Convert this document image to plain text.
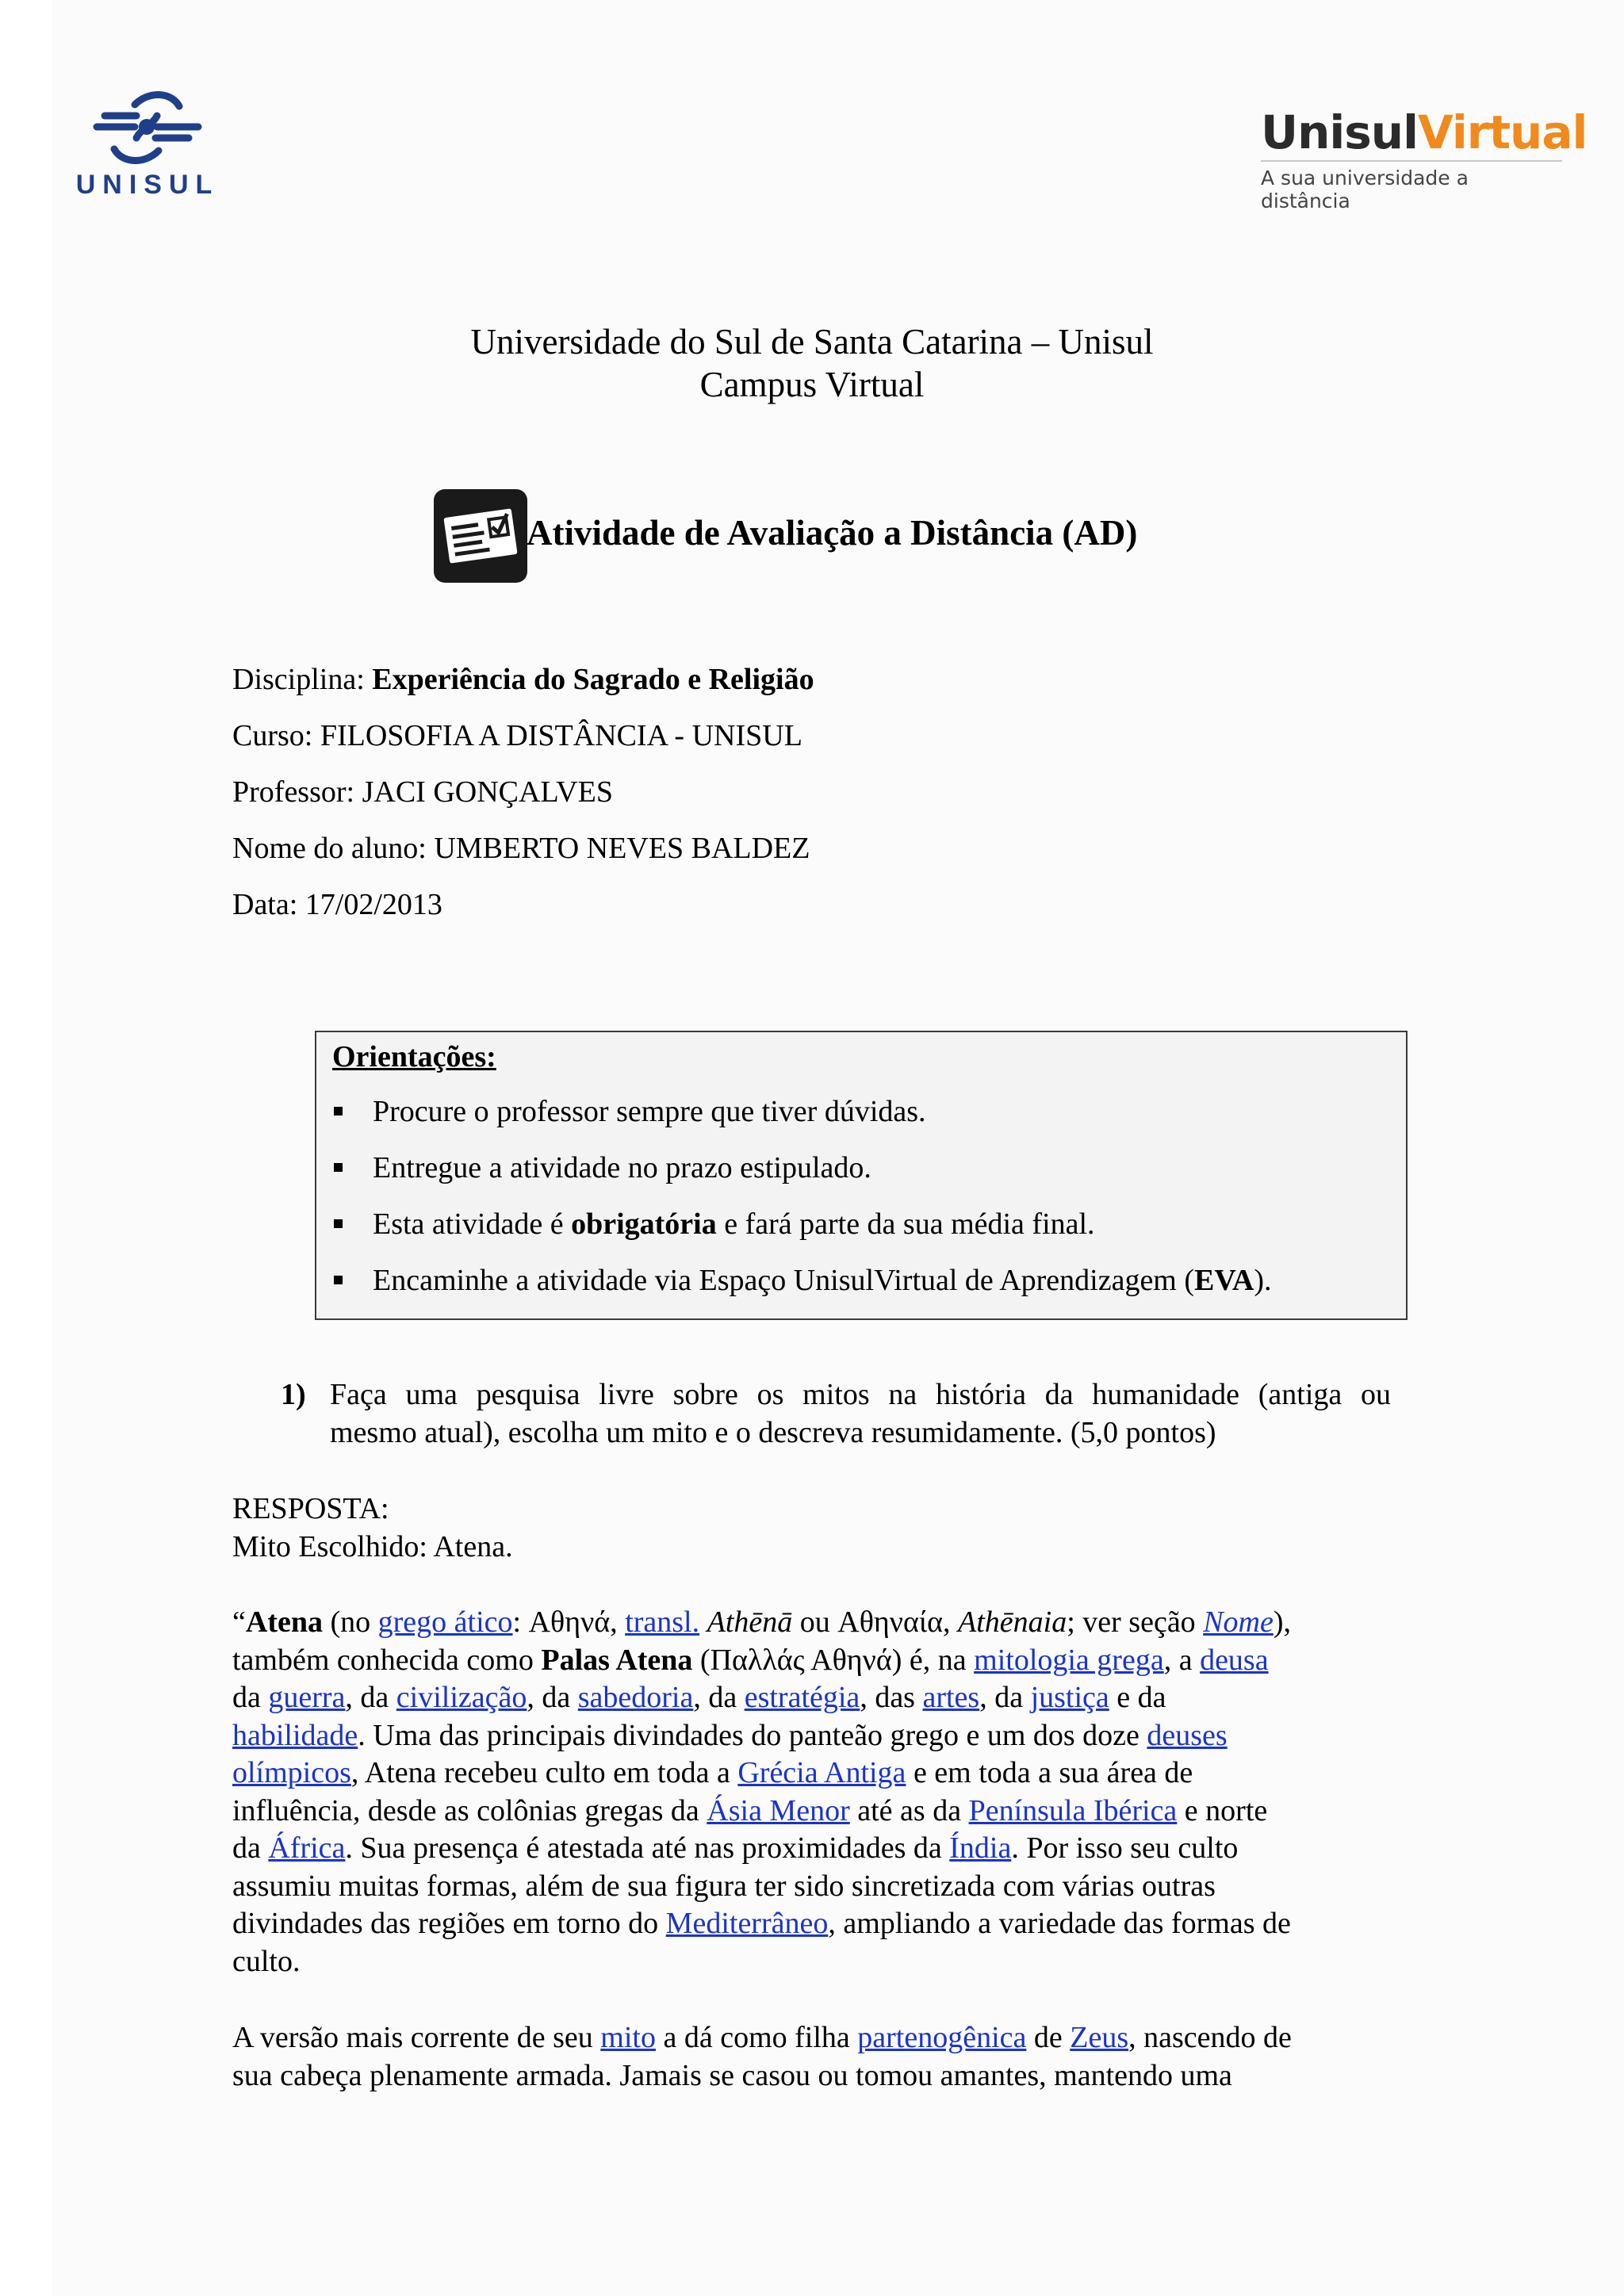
UNISUL
UnisulVirtual
A sua universidade a distância
Universidade do Sul de Santa Catarina – Unisul
Campus Virtual
Atividade de Avaliação a Distância (AD)
Disciplina: Experiência do Sagrado e Religião
Curso: FILOSOFIA A DISTÂNCIA - UNISUL
Professor: JACI GONÇALVES
Nome do aluno: UMBERTO NEVES BALDEZ
Data: 17/02/2013
Orientações:
Procure o professor sempre que tiver dúvidas.
Entregue a atividade no prazo estipulado.
Esta atividade é obrigatória e fará parte da sua média final.
Encaminhe a atividade via Espaço UnisulVirtual de Aprendizagem (EVA).
1) Faça uma pesquisa livre sobre os mitos na história da humanidade (antiga ou
mesmo atual), escolha um mito e o descreva resumidamente. (5,0 pontos)
RESPOSTA:
Mito Escolhido: Atena.
“Atena (no grego ático: Αθηνά, transl. Athēnā ou Αθηναία, Athēnaia; ver seção Nome),
também conhecida como Palas Atena (Παλλάς Αθηνά) é, na mitologia grega, a deusa
da guerra, da civilização, da sabedoria, da estratégia, das artes, da justiça e da
habilidade. Uma das principais divindades do panteão grego e um dos doze deuses
olímpicos, Atena recebeu culto em toda a Grécia Antiga e em toda a sua área de
influência, desde as colônias gregas da Ásia Menor até as da Península Ibérica e norte
da África. Sua presença é atestada até nas proximidades da Índia. Por isso seu culto
assumiu muitas formas, além de sua figura ter sido sincretizada com várias outras
divindades das regiões em torno do Mediterrâneo, ampliando a variedade das formas de
culto.
A versão mais corrente de seu mito a dá como filha partenogênica de Zeus, nascendo de
sua cabeça plenamente armada. Jamais se casou ou tomou amantes, mantendo uma
